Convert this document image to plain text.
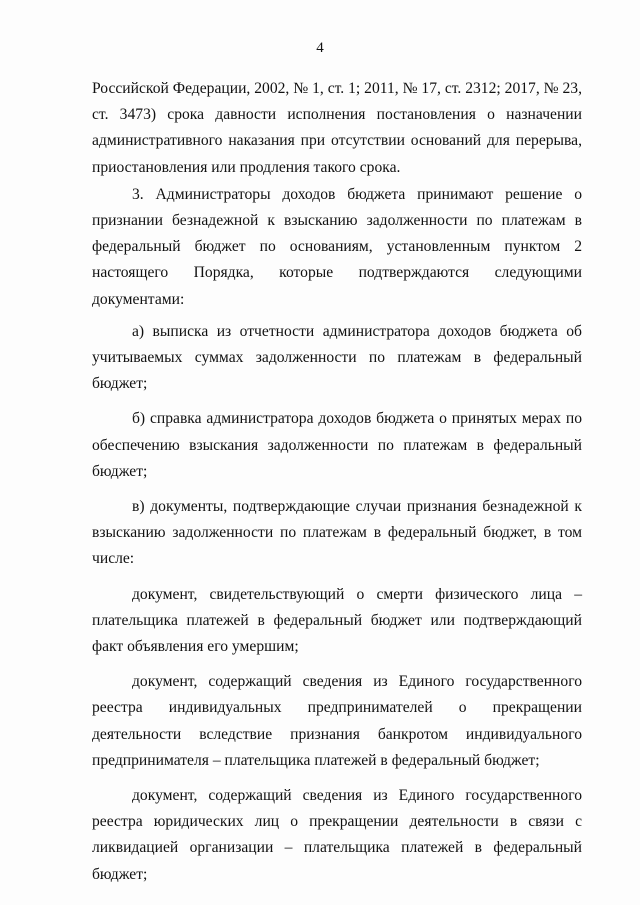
4

Российской Федерации, 2002, № 1, ст. 1; 2011, № 17, ст. 2312; 2017, № 23, ст. 3473) срока давности исполнения постановления о назначении административного наказания при отсутствии оснований для перерыва, приостановления или продления такого срока.

3. Администраторы доходов бюджета принимают решение о признании безнадежной к взысканию задолженности по платежам в федеральный бюджет по основаниям, установленным пунктом 2 настоящего Порядка, которые подтверждаются следующими документами:

а) выписка из отчетности администратора доходов бюджета об учитываемых суммах задолженности по платежам в федеральный бюджет;

б) справка администратора доходов бюджета о принятых мерах по обеспечению взыскания задолженности по платежам в федеральный бюджет;

в) документы, подтверждающие случаи признания безнадежной к взысканию задолженности по платежам в федеральный бюджет, в том числе:

документ, свидетельствующий о смерти физического лица – плательщика платежей в федеральный бюджет или подтверждающий факт объявления его умершим;

документ, содержащий сведения из Единого государственного реестра индивидуальных предпринимателей о прекращении деятельности вследствие признания банкротом индивидуального предпринимателя – плательщика платежей в федеральный бюджет;

документ, содержащий сведения из Единого государственного реестра юридических лиц о прекращении деятельности в связи с ликвидацией организации – плательщика платежей в федеральный бюджет;
